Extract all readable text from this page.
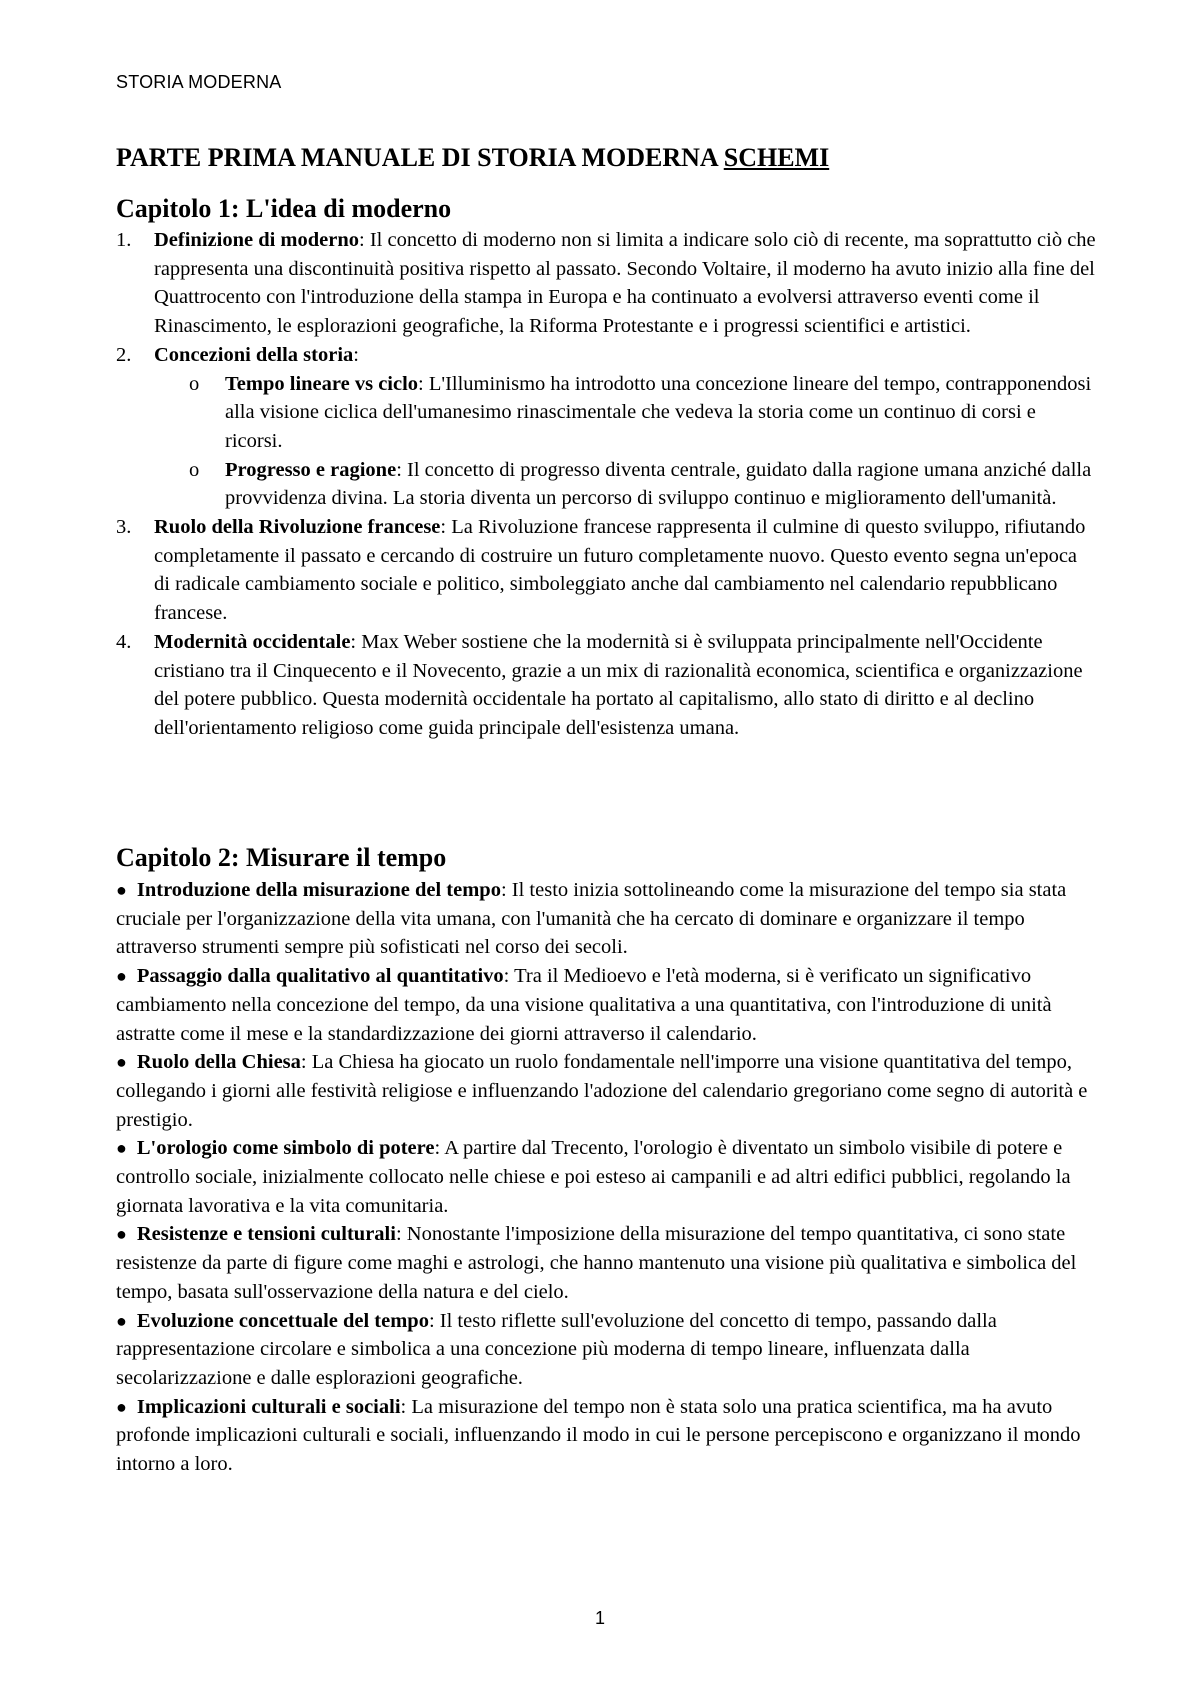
STORIA MODERNA
PARTE PRIMA MANUALE DI STORIA MODERNA SCHEMI
Capitolo 1: L'idea di moderno
1. Definizione di moderno: Il concetto di moderno non si limita a indicare solo ciò di recente, ma soprattutto ciò che rappresenta una discontinuità positiva rispetto al passato. Secondo Voltaire, il moderno ha avuto inizio alla fine del Quattrocento con l'introduzione della stampa in Europa e ha continuato a evolversi attraverso eventi come il Rinascimento, le esplorazioni geografiche, la Riforma Protestante e i progressi scientifici e artistici.
2. Concezioni della storia:
o Tempo lineare vs ciclo: L'Illuminismo ha introdotto una concezione lineare del tempo, contrapponendosi alla visione ciclica dell'umanesimo rinascimentale che vedeva la storia come un continuo di corsi e ricorsi.
o Progresso e ragione: Il concetto di progresso diventa centrale, guidato dalla ragione umana anziché dalla provvidenza divina. La storia diventa un percorso di sviluppo continuo e miglioramento dell'umanità.
3. Ruolo della Rivoluzione francese: La Rivoluzione francese rappresenta il culmine di questo sviluppo, rifiutando completamente il passato e cercando di costruire un futuro completamente nuovo. Questo evento segna un'epoca di radicale cambiamento sociale e politico, simboleggiato anche dal cambiamento nel calendario repubblicano francese.
4. Modernità occidentale: Max Weber sostiene che la modernità si è sviluppata principalmente nell'Occidente cristiano tra il Cinquecento e il Novecento, grazie a un mix di razionalità economica, scientifica e organizzazione del potere pubblico. Questa modernità occidentale ha portato al capitalismo, allo stato di diritto e al declino dell'orientamento religioso come guida principale dell'esistenza umana.
Capitolo 2: Misurare il tempo
● Introduzione della misurazione del tempo: Il testo inizia sottolineando come la misurazione del tempo sia stata cruciale per l'organizzazione della vita umana, con l'umanità che ha cercato di dominare e organizzare il tempo attraverso strumenti sempre più sofisticati nel corso dei secoli.
● Passaggio dalla qualitativo al quantitativo: Tra il Medioevo e l'età moderna, si è verificato un significativo cambiamento nella concezione del tempo, da una visione qualitativa a una quantitativa, con l'introduzione di unità astratte come il mese e la standardizzazione dei giorni attraverso il calendario.
● Ruolo della Chiesa: La Chiesa ha giocato un ruolo fondamentale nell'imporre una visione quantitativa del tempo, collegando i giorni alle festività religiose e influenzando l'adozione del calendario gregoriano come segno di autorità e prestigio.
● L'orologio come simbolo di potere: A partire dal Trecento, l'orologio è diventato un simbolo visibile di potere e controllo sociale, inizialmente collocato nelle chiese e poi esteso ai campanili e ad altri edifici pubblici, regolando la giornata lavorativa e la vita comunitaria.
● Resistenze e tensioni culturali: Nonostante l'imposizione della misurazione del tempo quantitativa, ci sono state resistenze da parte di figure come maghi e astrologi, che hanno mantenuto una visione più qualitativa e simbolica del tempo, basata sull'osservazione della natura e del cielo.
● Evoluzione concettuale del tempo: Il testo riflette sull'evoluzione del concetto di tempo, passando dalla rappresentazione circolare e simbolica a una concezione più moderna di tempo lineare, influenzata dalla secolarizzazione e dalle esplorazioni geografiche.
● Implicazioni culturali e sociali: La misurazione del tempo non è stata solo una pratica scientifica, ma ha avuto profonde implicazioni culturali e sociali, influenzando il modo in cui le persone percepiscono e organizzano il mondo intorno a loro.
1
